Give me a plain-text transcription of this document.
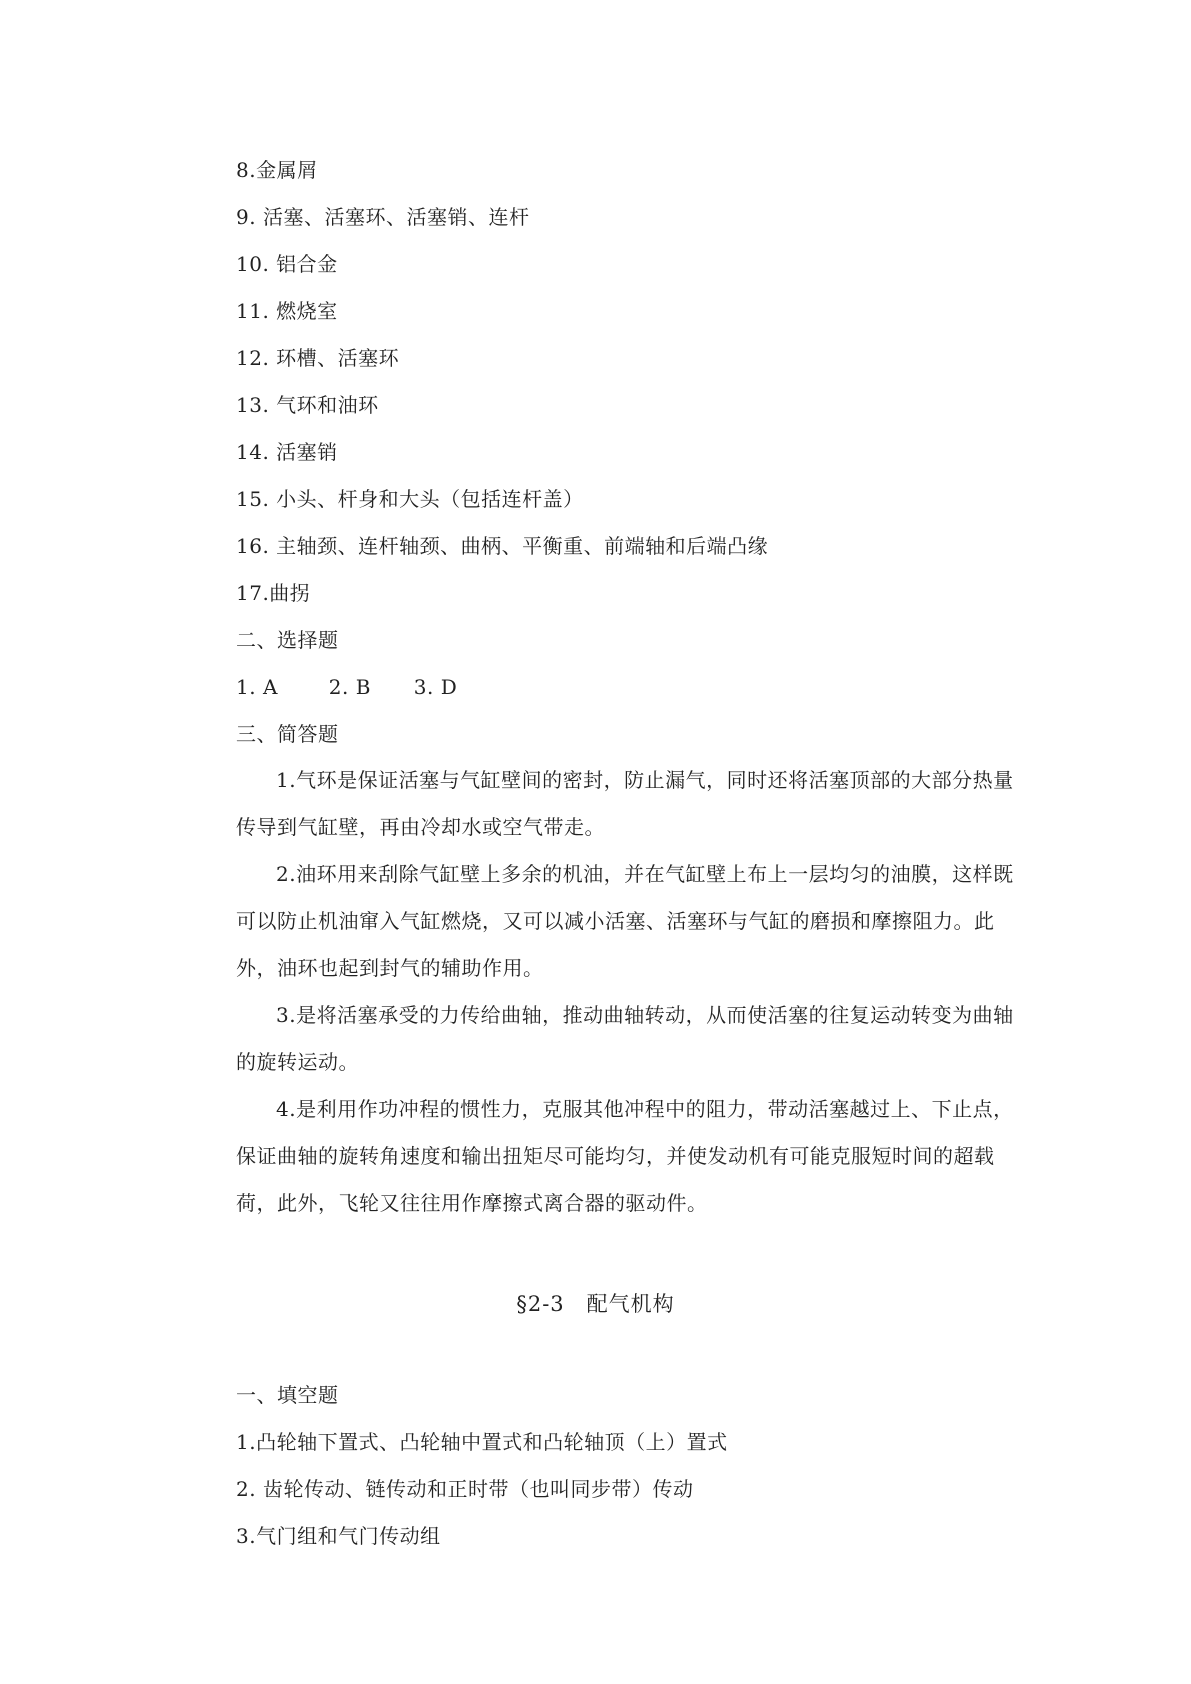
8.金属屑
9. 活塞、活塞环、活塞销、连杆
10. 铝合金
11. 燃烧室
12. 环槽、活塞环
13. 气环和油环
14. 活塞销
15. 小头、杆身和大头（包括连杆盖）
16. 主轴颈、连杆轴颈、曲柄、平衡重、前端轴和后端凸缘
17.曲拐
二、选择题
1. A	2. B 3. D
三、简答题

1.气环是保证活塞与气缸壁间的密封，防止漏气，同时还将活塞顶部的大部分热量传导到气缸壁，再由冷却水或空气带走。

2.油环用来刮除气缸壁上多余的机油，并在气缸壁上布上一层均匀的油膜，这样既可以防止机油窜入气缸燃烧，又可以减小活塞、活塞环与气缸的磨损和摩擦阻力。此外，油环也起到封气的辅助作用。

3.是将活塞承受的力传给曲轴，推动曲轴转动，从而使活塞的往复运动转变为曲轴的旋转运动。

4.是利用作功冲程的惯性力，克服其他冲程中的阻力，带动活塞越过上、下止点，保证曲轴的旋转角速度和输出扭矩尽可能均匀，并使发动机有可能克服短时间的超载荷，此外，飞轮又往往用作摩擦式离合器的驱动件。

§2-3 配气机构
一、填空题
1.凸轮轴下置式、凸轮轴中置式和凸轮轴顶（上）置式
2. 齿轮传动、链传动和正时带（也叫同步带）传动
3.气门组和气门传动组
